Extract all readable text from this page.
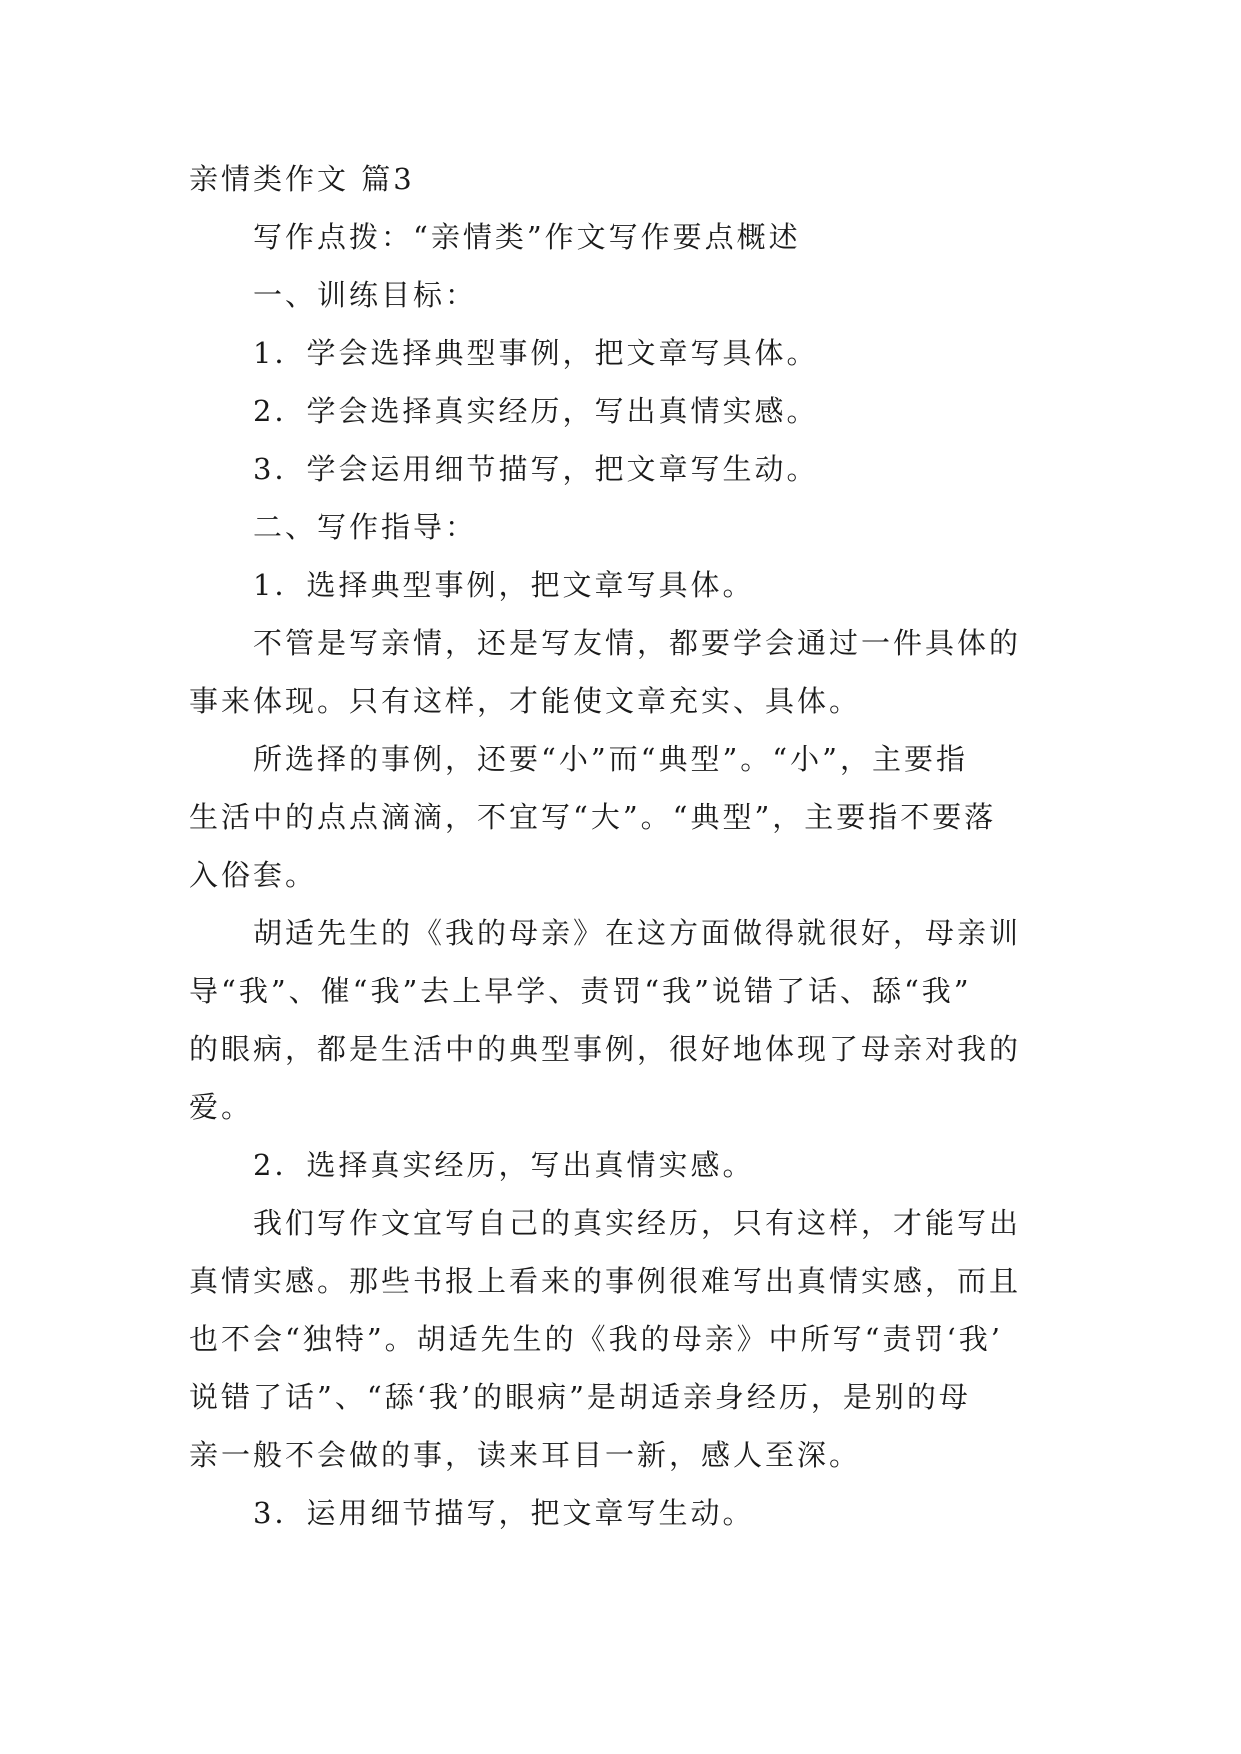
亲情类作文 篇3

写作点拨：“亲情类”作文写作要点概述

一、训练目标：

1．学会选择典型事例，把文章写具体。

2．学会选择真实经历，写出真情实感。

3．学会运用细节描写，把文章写生动。

二、写作指导：

1．选择典型事例，把文章写具体。

不管是写亲情，还是写友情，都要学会通过一件具体的

事来体现。只有这样，才能使文章充实、具体。

所选择的事例，还要“小”而“典型”。“小”，主要指

生活中的点点滴滴，不宜写“大”。“典型”，主要指不要落

入俗套。

胡适先生的《我的母亲》在这方面做得就很好，母亲训

导“我”、催“我”去上早学、责罚“我”说错了话、舔“我”

的眼病，都是生活中的典型事例，很好地体现了母亲对我的

爱。

2．选择真实经历，写出真情实感。

我们写作文宜写自己的真实经历，只有这样，才能写出

真情实感。那些书报上看来的事例很难写出真情实感，而且

也不会“独特”。胡适先生的《我的母亲》中所写“责罚‘我’

说错了话”、“舔‘我’的眼病”是胡适亲身经历，是别的母

亲一般不会做的事，读来耳目一新，感人至深。

3．运用细节描写，把文章写生动。
